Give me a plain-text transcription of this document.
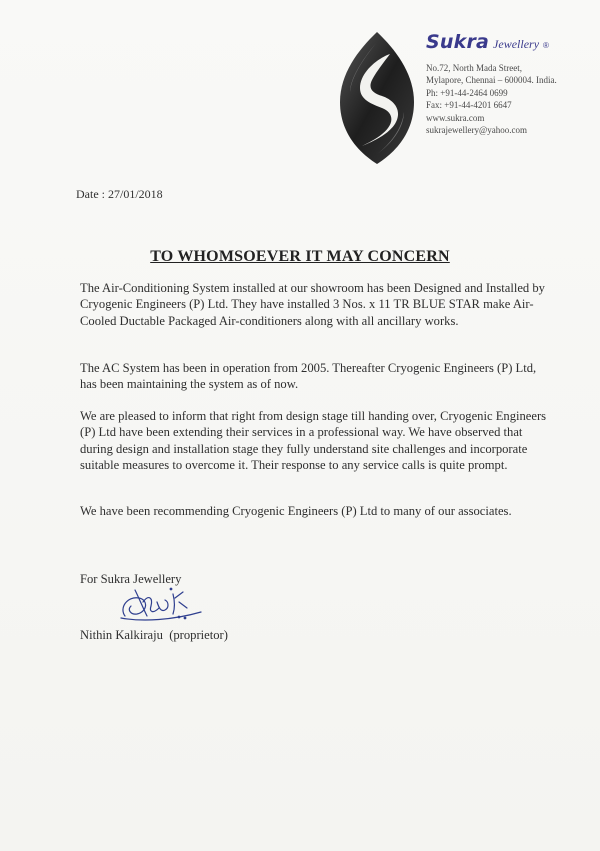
Sukra Jewellery ®
No.72, North Mada Street,
Mylapore, Chennai – 600004. India.
Ph: +91-44-2464 0699
Fax: +91-44-4201 6647
www.sukra.com
sukrajewellery@yahoo.com
Date : 27/01/2018
TO WHOMSOEVER IT MAY CONCERN
The Air-Conditioning System installed at our showroom has been Designed and Installed by Cryogenic Engineers (P) Ltd. They have installed 3 Nos. x 11 TR BLUE STAR make Air-Cooled Ductable Packaged Air-conditioners along with all ancillary works.
The AC System has been in operation from 2005. Thereafter Cryogenic Engineers (P) Ltd, has been maintaining the system as of now.
We are pleased to inform that right from design stage till handing over, Cryogenic Engineers (P) Ltd have been extending their services in a professional way. We have observed that during design and installation stage they fully understand site challenges and incorporate suitable measures to overcome it. Their response to any service calls is quite prompt.
We have been recommending Cryogenic Engineers (P) Ltd to many of our associates.
For Sukra Jewellery
Nithin Kalkiraju  (proprietor)
